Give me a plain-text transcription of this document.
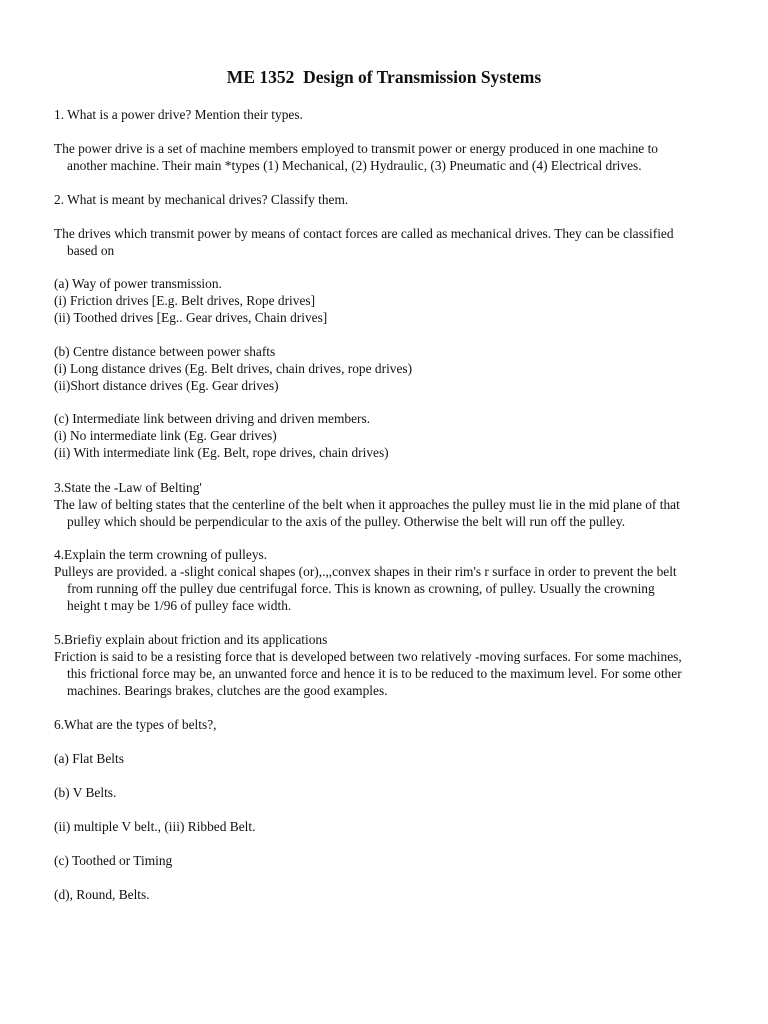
ME 1352  Design of Transmission Systems
1. What is a power drive? Mention their types.
The power drive is a set of machine members employed to transmit power or energy produced in one machine to
another machine. Their main *types (1) Mechanical, (2) Hydraulic, (3) Pneumatic and (4) Electrical drives.
2. What is meant by mechanical drives? Classify them.
The drives which transmit power by means of contact forces are called as mechanical drives. They can be classified
based on
(a) Way of power transmission.
(i) Friction drives [E.g. Belt drives, Rope drives]
(ii) Toothed drives [Eg.. Gear drives, Chain drives]
(b) Centre distance between power shafts
(i) Long distance drives (Eg. Belt drives, chain drives, rope drives)
(ii)Short distance drives (Eg. Gear drives)
(c) Intermediate link between driving and driven members.
(i) No intermediate link (Eg. Gear drives)
(ii) With intermediate link (Eg. Belt, rope drives, chain drives)
3.State the -Law of Belting'
The law of belting states that the centerline of the belt when it approaches the pulley must lie in the mid plane of that
pulley which should be perpendicular to the axis of the pulley. Otherwise the belt will run off the pulley.
4.Explain the term crowning of pulleys.
Pulleys are provided. a -slight conical shapes (or),.,,convex shapes in their rim's r surface in order to prevent the belt
from running off the pulley due centrifugal force. This is known as crowning, of pulley. Usually the crowning
height t may be 1/96 of pulley face width.
5.Briefiy explain about friction and its applications
Friction is said to be a resisting force that is developed between two relatively -moving surfaces. For some machines,
this frictional force may be, an unwanted force and hence it is to be reduced to the maximum level. For some other
machines. Bearings brakes, clutches are the good examples.
6.What are the types of belts?,
(a) Flat Belts
(b) V Belts.
(ii) multiple V belt., (iii) Ribbed Belt.
(c) Toothed or Timing
(d), Round, Belts.
